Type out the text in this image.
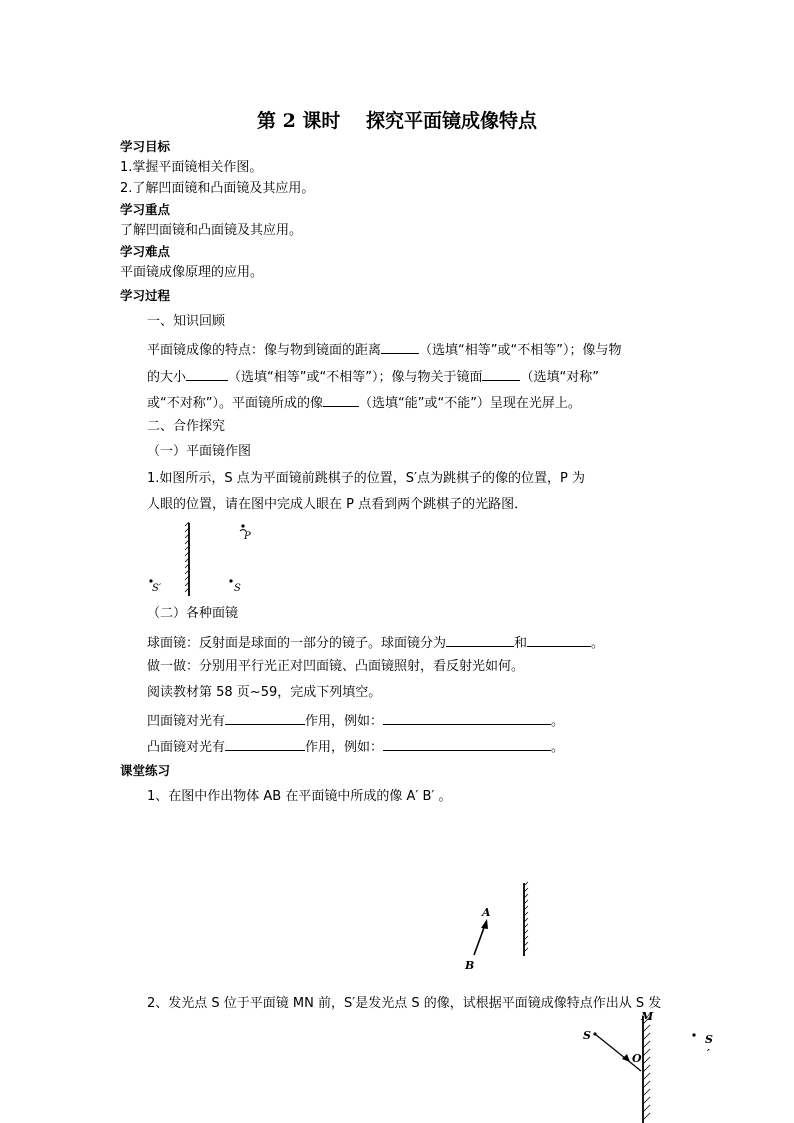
第 2 课时　 探究平面镜成像特点
学习目标
1.掌握平面镜相关作图。
2.了解凹面镜和凸面镜及其应用。
学习重点
了解凹面镜和凸面镜及其应用。
学习难点
平面镜成像原理的应用。
学习过程
一、知识回顾
平面镜成像的特点：像与物到镜面的距离	（选填“相等”或“不相等”）；像与物
的大小	（选填“相等”或“不相等”）；像与物关于镜面	（选填“对称”
或“不对称”）。平面镜所成的像	（选填“能”或“不能”）呈现在光屏上。
二、合作探究
（一）平面镜作图
1.如图所示，S 点为平面镜前跳棋子的位置，S′点为跳棋子的像的位置，P 为
人眼的位置，请在图中完成人眼在 P 点看到两个跳棋子的光路图．
P
S′	S
（二）各种面镜
球面镜：反射面是球面的一部分的镜子。球面镜分为	和	。
做一做：分别用平行光正对凹面镜、凸面镜照射，看反射光如何。
阅读教材第 58 页~59，完成下列填空。
凹面镜对光有	作用，例如：	。
凸面镜对光有	作用，例如：	。
课堂练习
1、在图中作出物体 AB 在平面镜中所成的像 A′ B′ 。
A
B
2、发光点 S 位于平面镜 MN 前，S′是发光点 S 的像，试根据平面镜成像特点作出从 S 发
M
S
O
S
′
